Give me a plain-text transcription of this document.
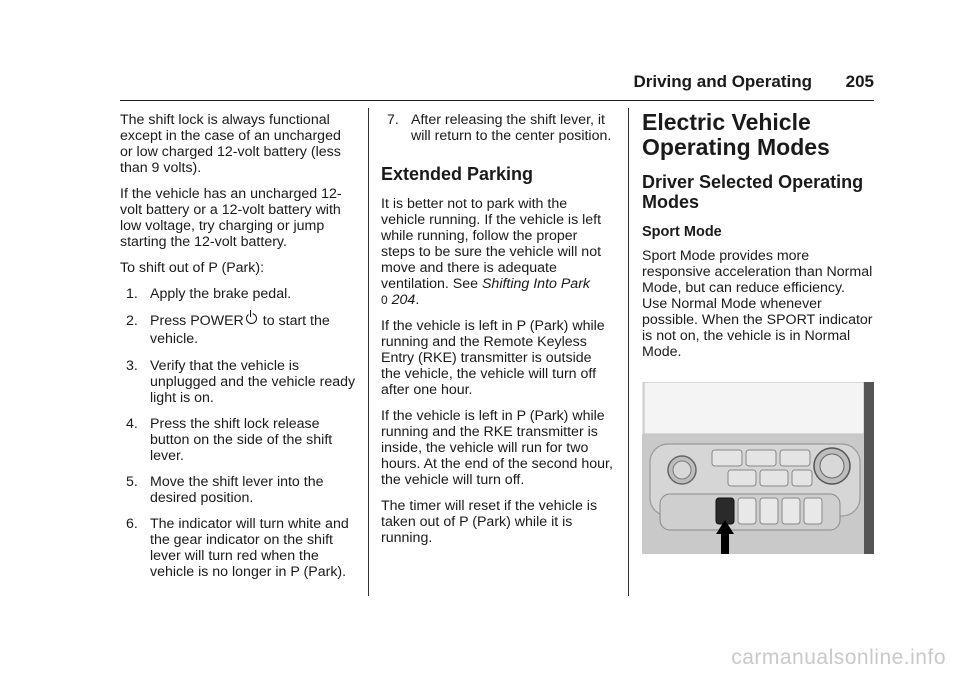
Driving and Operating 205

The shift lock is always functional except in the case of an uncharged or low charged 12-volt battery (less than 9 volts).

If the vehicle has an uncharged 12-volt battery or a 12-volt battery with low voltage, try charging or jump starting the 12-volt battery.

To shift out of P (Park):

1. Apply the brake pedal.
2. Press POWER to start the vehicle.
3. Verify that the vehicle is unplugged and the vehicle ready light is on.
4. Press the shift lock release button on the side of the shift lever.
5. Move the shift lever into the desired position.
6. The indicator will turn white and the gear indicator on the shift lever will turn red when the vehicle is no longer in P (Park).
7. After releasing the shift lever, it will return to the center position.
Extended Parking

It is better not to park with the vehicle running. If the vehicle is left while running, follow the proper steps to be sure the vehicle will not move and there is adequate ventilation. See Shifting Into Park
0 204.

If the vehicle is left in P (Park) while running and the Remote Keyless Entry (RKE) transmitter is outside the vehicle, the vehicle will turn off after one hour.

If the vehicle is left in P (Park) while running and the RKE transmitter is inside, the vehicle will run for two hours. At the end of the second hour, the vehicle will turn off.

The timer will reset if the vehicle is taken out of P (Park) while it is running.

Electric Vehicle Operating Modes
Driver Selected Operating Modes
Sport Mode

Sport Mode provides more responsive acceleration than Normal Mode, but can reduce efficiency. Use Normal Mode whenever possible. When the SPORT indicator is not on, the vehicle is in Normal Mode.

carmanualsonline.info
